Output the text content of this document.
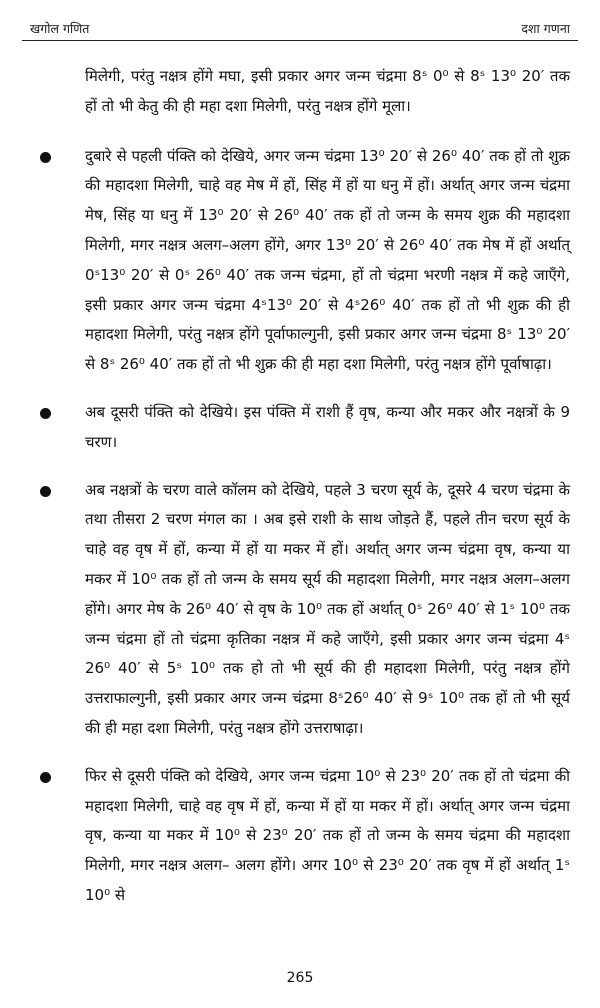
खगोल गणित	दशा गणना

मिलेगी, परंतु नक्षत्र होंगे मघा, इसी प्रकार अगर जन्म चंद्रमा 8ˢ 0⁰ से 8ˢ 13⁰ 20′ तक हों तो भी केतु की ही महा दशा मिलेगी, परंतु नक्षत्र होंगे मूला।

दुबारे से पहली पंक्ति को देखिये, अगर जन्म चंद्रमा 13⁰ 20′ से 26⁰ 40′ तक हों तो शुक्र की महादशा मिलेगी, चाहे वह मेष में हों, सिंह में हों या धनु में हों। अर्थात् अगर जन्म चंद्रमा मेष, सिंह या धनु में 13⁰ 20′ से 26⁰ 40′ तक हों तो जन्म के समय शुक्र की महादशा मिलेगी, मगर नक्षत्र अलग–अलग होंगे, अगर 13⁰ 20′ से 26⁰ 40′ तक मेष में हों अर्थात् 0ˢ13⁰ 20′ से 0ˢ 26⁰ 40′ तक जन्म चंद्रमा, हों तो चंद्रमा भरणी नक्षत्र में कहे जाएँगे, इसी प्रकार अगर जन्म चंद्रमा 4ˢ13⁰ 20′ से 4ˢ26⁰ 40′ तक हों तो भी शुक्र की ही महादशा मिलेगी, परंतु नक्षत्र होंगे पूर्वाफाल्गुनी, इसी प्रकार अगर जन्म चंद्रमा 8ˢ 13⁰ 20′ से 8ˢ 26⁰ 40′ तक हों तो भी शुक्र की ही महा दशा मिलेगी, परंतु नक्षत्र होंगे पूर्वाषाढ़ा।

अब दूसरी पंक्ति को देखिये। इस पंक्ति में राशी हैं वृष, कन्या और मकर और नक्षत्रों के 9 चरण।

अब नक्षत्रों के चरण वाले कॉलम को देखिये, पहले 3 चरण सूर्य के, दूसरे 4 चरण चंद्रमा के तथा तीसरा 2 चरण मंगल का । अब इसे राशी के साथ जोड़ते हैं, पहले तीन चरण सूर्य के चाहे वह वृष में हों, कन्या में हों या मकर में हों। अर्थात् अगर जन्म चंद्रमा वृष, कन्या या मकर में 10⁰ तक हों तो जन्म के समय सूर्य की महादशा मिलेगी, मगर नक्षत्र अलग–अलग होंगे। अगर मेष के 26⁰ 40′ से वृष के 10⁰ तक हों अर्थात् 0ˢ 26⁰ 40′ से 1ˢ 10⁰ तक जन्म चंद्रमा हों तो चंद्रमा कृतिका नक्षत्र में कहे जाएँगे, इसी प्रकार अगर जन्म चंद्रमा 4ˢ 26⁰ 40′ से 5ˢ 10⁰ तक हो तो भी सूर्य की ही महादशा मिलेगी, परंतु नक्षत्र होंगे उत्तराफाल्गुनी, इसी प्रकार अगर जन्म चंद्रमा 8ˢ26⁰ 40′ से 9ˢ 10⁰ तक हों तो भी सूर्य की ही महा दशा मिलेगी, परंतु नक्षत्र होंगे उत्तराषाढ़ा।

फिर से दूसरी पंक्ति को देखिये, अगर जन्म चंद्रमा 10⁰ से 23⁰ 20′ तक हों तो चंद्रमा की महादशा मिलेगी, चाहे वह वृष में हों, कन्या में हों या मकर में हों। अर्थात् अगर जन्म चंद्रमा वृष, कन्या या मकर में 10⁰ से 23⁰ 20′ तक हों तो जन्म के समय चंद्रमा की महादशा मिलेगी, मगर नक्षत्र अलग– अलग होंगे। अगर 10⁰ से 23⁰ 20′ तक वृष में हों अर्थात् 1ˢ 10⁰ से

265
